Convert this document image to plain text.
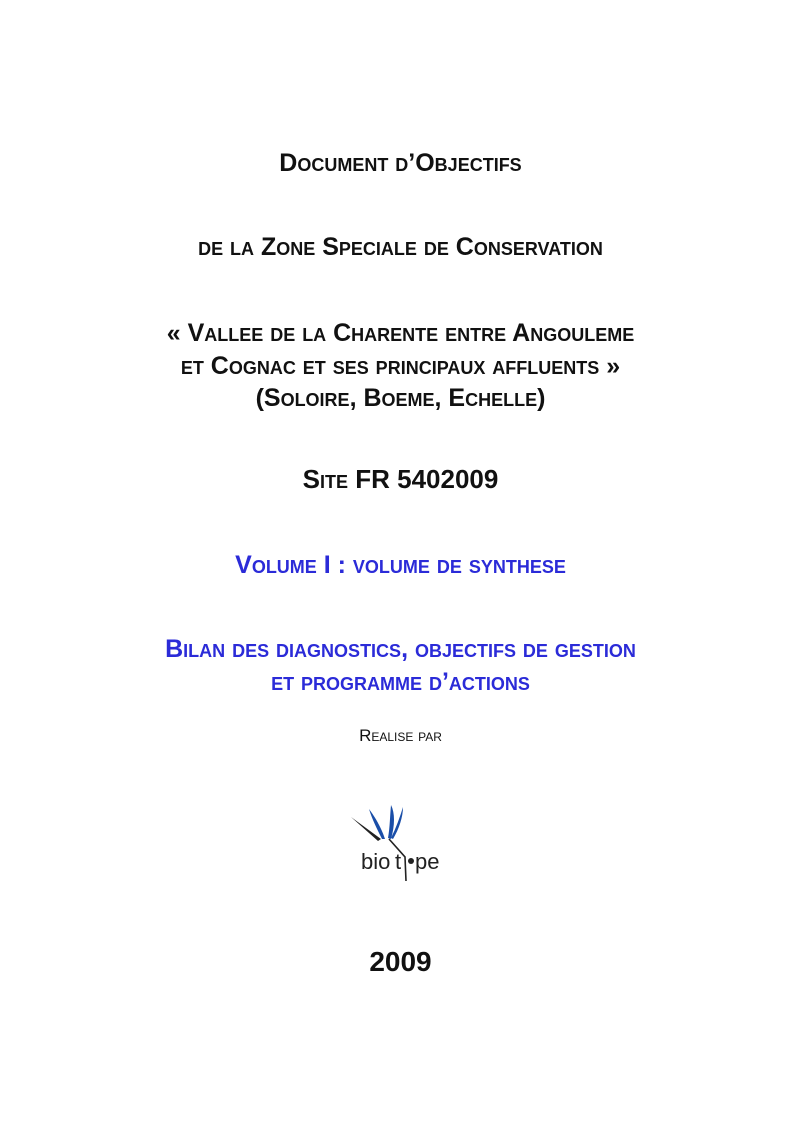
Document d’Objectifs
de la Zone Speciale de Conservation
« Vallee de la Charente entre Angouleme
et Cognac et ses principaux affluents »
(Soloire, Boeme, Echelle)
Site FR 5402009
Volume I : volume de synthese
Bilan des diagnostics, objectifs de gestion
et programme d’actions
Realise par
bio t pe
2009
